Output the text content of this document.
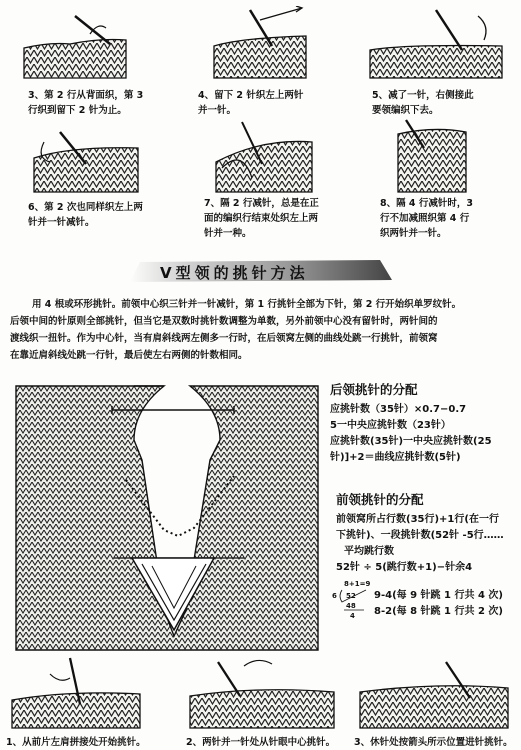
3、第 2 行从背面织，第 3
行织到留下 2 针为止。
4、留下 2 针织左上两针
并一针。
5、减了一针，右侧接此
要领编织下去。
6、第 2 次也同样织左上两
针并一针减针。
7、隔 2 行减针，总是在正
面的编织行结束处织左上两
针并一种。
8、隔 4 行减针时，3
行不加减照织第 4 行
织两针并一针。
V型领的挑针方法
用 4 根或环形挑针。前领中心织三针并一针减针，第 1 行挑针全部为下针，第 2 行开始织单罗纹针。
后领中间的针原则全部挑针，但当它是双数时挑针数调整为单数，另外前领中心没有留针时，两针间的
渡线织一扭针。作为中心针，当有肩斜线两左侧多一行时，在后领窝左侧的曲线处跳一行挑针，前领窝
在靠近肩斜线处跳一行针，最后使左右两侧的针数相同。
后领挑针的分配
应挑针数（35针）×0.7−0.7
5一中央应挑针数（23针）
应挑针数(35针)一中央应挑针数(25
针)]+2＝曲线应挑针数(5针)
前领挑针的分配
前领窝所占行数(35行)+1行(在一行
下挑针)、一段挑针数(52针 -5行……
平均跳行数
52针 ÷ 5(跳行数+1)−针余4
8+1=9
6 52
48
4
9-4(每 9 针跳 1 行共 4 次)
8-2(每 8 针跳 1 行共 2 次)
1、从前片左肩拼接处开始挑针。	2、两针并一针处从针眼中心挑针。 3、休针处按箭头所示位置进针挑针。
